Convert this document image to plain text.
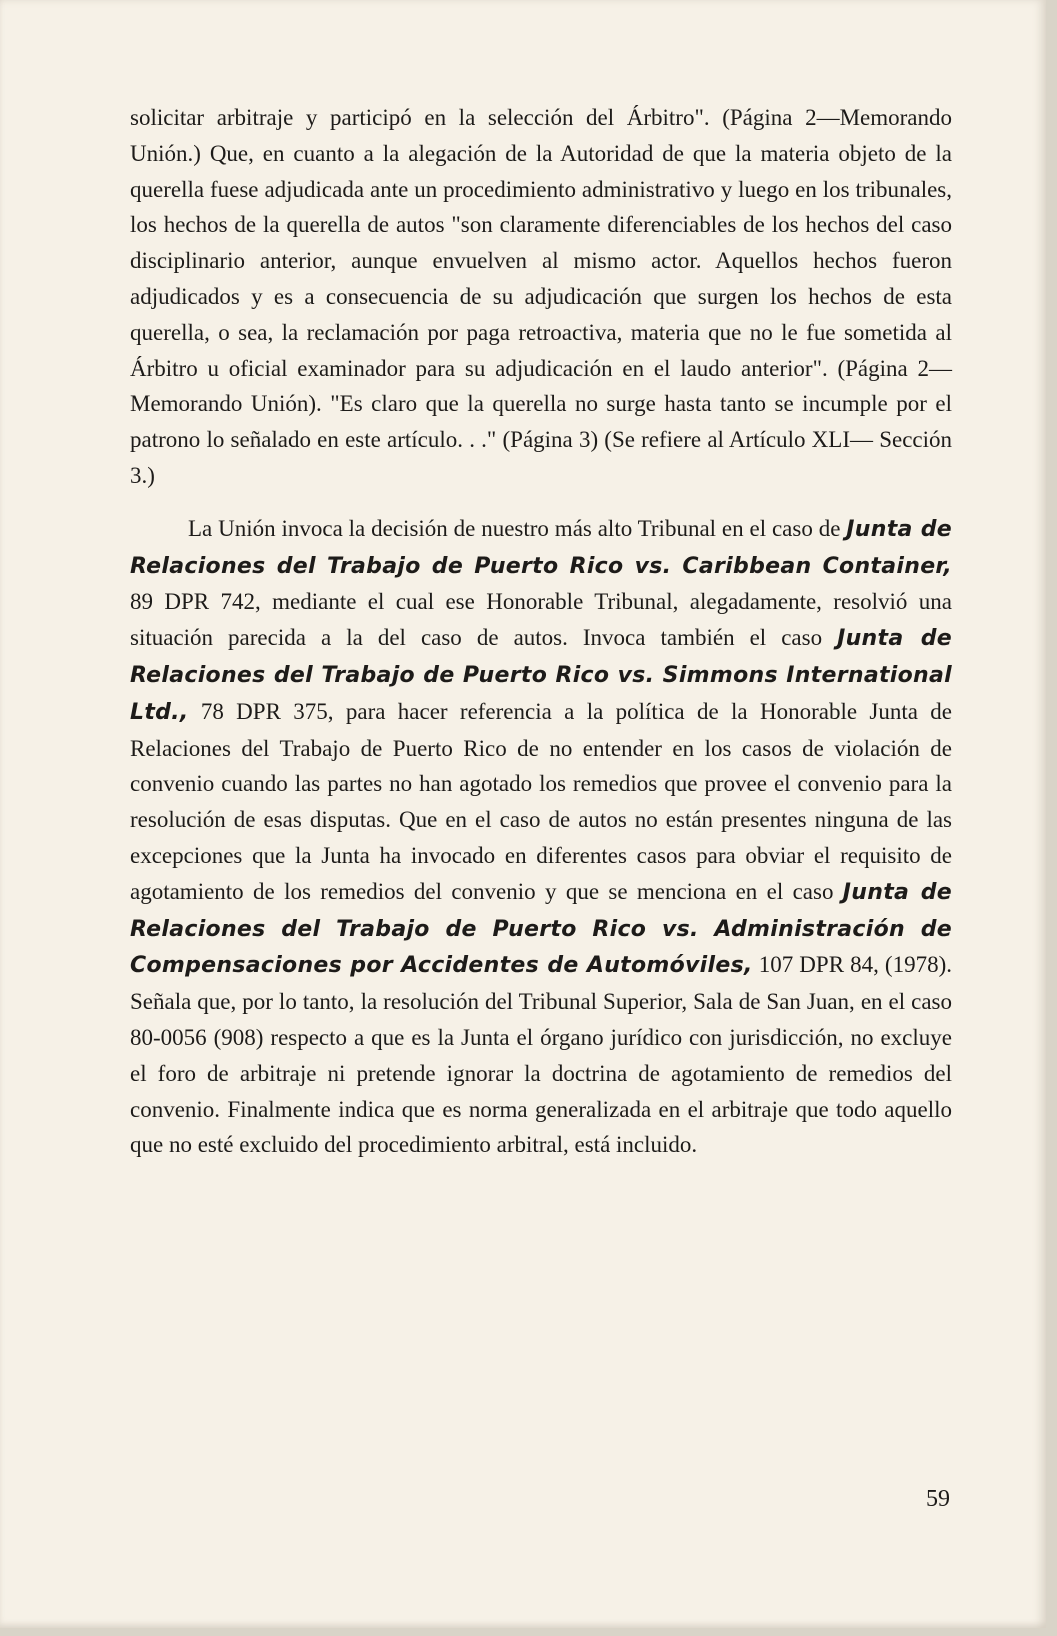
solicitar arbitraje y participó en la selección del Árbitro". (Página 2—Memorando Unión.) Que, en cuanto a la alegación de la Autoridad de que la materia objeto de la querella fuese adjudicada ante un procedimiento administrativo y luego en los tribunales, los hechos de la querella de autos "son claramente diferenciables de los hechos del caso disciplinario anterior, aunque envuelven al mismo actor. Aquellos hechos fueron adjudicados y es a consecuencia de su adjudicación que surgen los hechos de esta querella, o sea, la reclamación por paga retroactiva, materia que no le fue sometida al Árbitro u oficial examinador para su adjudicación en el laudo anterior". (Página 2—Memorando Unión). "Es claro que la querella no surge hasta tanto se incumple por el patrono lo señalado en este artículo. . ." (Página 3) (Se refiere al Artículo XLI— Sección 3.)

La Unión invoca la decisión de nuestro más alto Tribunal en el caso de Junta de Relaciones del Trabajo de Puerto Rico vs. Caribbean Container, 89 DPR 742, mediante el cual ese Honorable Tribunal, alegadamente, resolvió una situación parecida a la del caso de autos. Invoca también el caso Junta de Relaciones del Trabajo de Puerto Rico vs. Simmons International Ltd., 78 DPR 375, para hacer referencia a la política de la Honorable Junta de Relaciones del Trabajo de Puerto Rico de no entender en los casos de violación de convenio cuando las partes no han agotado los remedios que provee el convenio para la resolución de esas disputas. Que en el caso de autos no están presentes ninguna de las excepciones que la Junta ha invocado en diferentes casos para obviar el requisito de agotamiento de los remedios del convenio y que se menciona en el caso Junta de Relaciones del Trabajo de Puerto Rico vs. Administración de Compensaciones por Accidentes de Automóviles, 107 DPR 84, (1978). Señala que, por lo tanto, la resolución del Tribunal Superior, Sala de San Juan, en el caso 80-0056 (908) respecto a que es la Junta el órgano jurídico con jurisdicción, no excluye el foro de arbitraje ni pretende ignorar la doctrina de agotamiento de remedios del convenio. Finalmente indica que es norma generalizada en el arbitraje que todo aquello que no esté excluido del procedimiento arbitral, está incluido.

59
